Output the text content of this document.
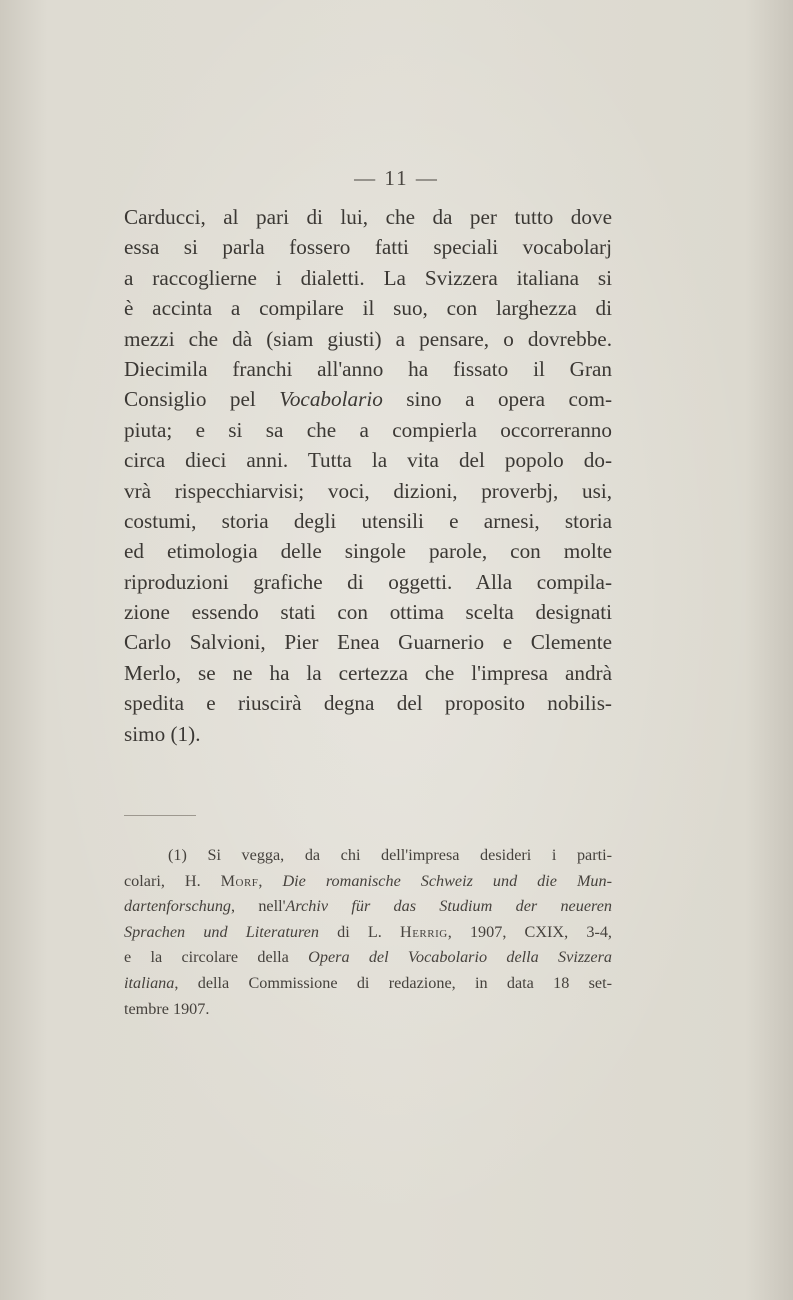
— 11 —
Carducci, al pari di lui, che da per tutto dove
essa si parla fossero fatti speciali vocabolarj
a raccoglierne i dialetti. La Svizzera italiana si
è accinta a compilare il suo, con larghezza di
mezzi che dà (siam giusti) a pensare, o dovrebbe.
Diecimila franchi all'anno ha fissato il Gran
Consiglio pel Vocabolario sino a opera com-
piuta; e si sa che a compierla occorreranno
circa dieci anni. Tutta la vita del popolo do-
vrà rispecchiarvisi; voci, dizioni, proverbj, usi,
costumi, storia degli utensili e arnesi, storia
ed etimologia delle singole parole, con molte
riproduzioni grafiche di oggetti. Alla compila-
zione essendo stati con ottima scelta designati
Carlo Salvioni, Pier Enea Guarnerio e Clemente
Merlo, se ne ha la certezza che l'impresa andrà
spedita e riuscirà degna del proposito nobilis-
simo (1).
(1) Si vegga, da chi dell'impresa desideri i parti-
colari, H. Morf, Die romanische Schweiz und die Mun-
dartenforschung, nell'Archiv für das Studium der neueren
Sprachen und Literaturen di L. Herrig, 1907, CXIX, 3-4,
e la circolare della Opera del Vocabolario della Svizzera
italiana, della Commissione di redazione, in data 18 set-
tembre 1907.
